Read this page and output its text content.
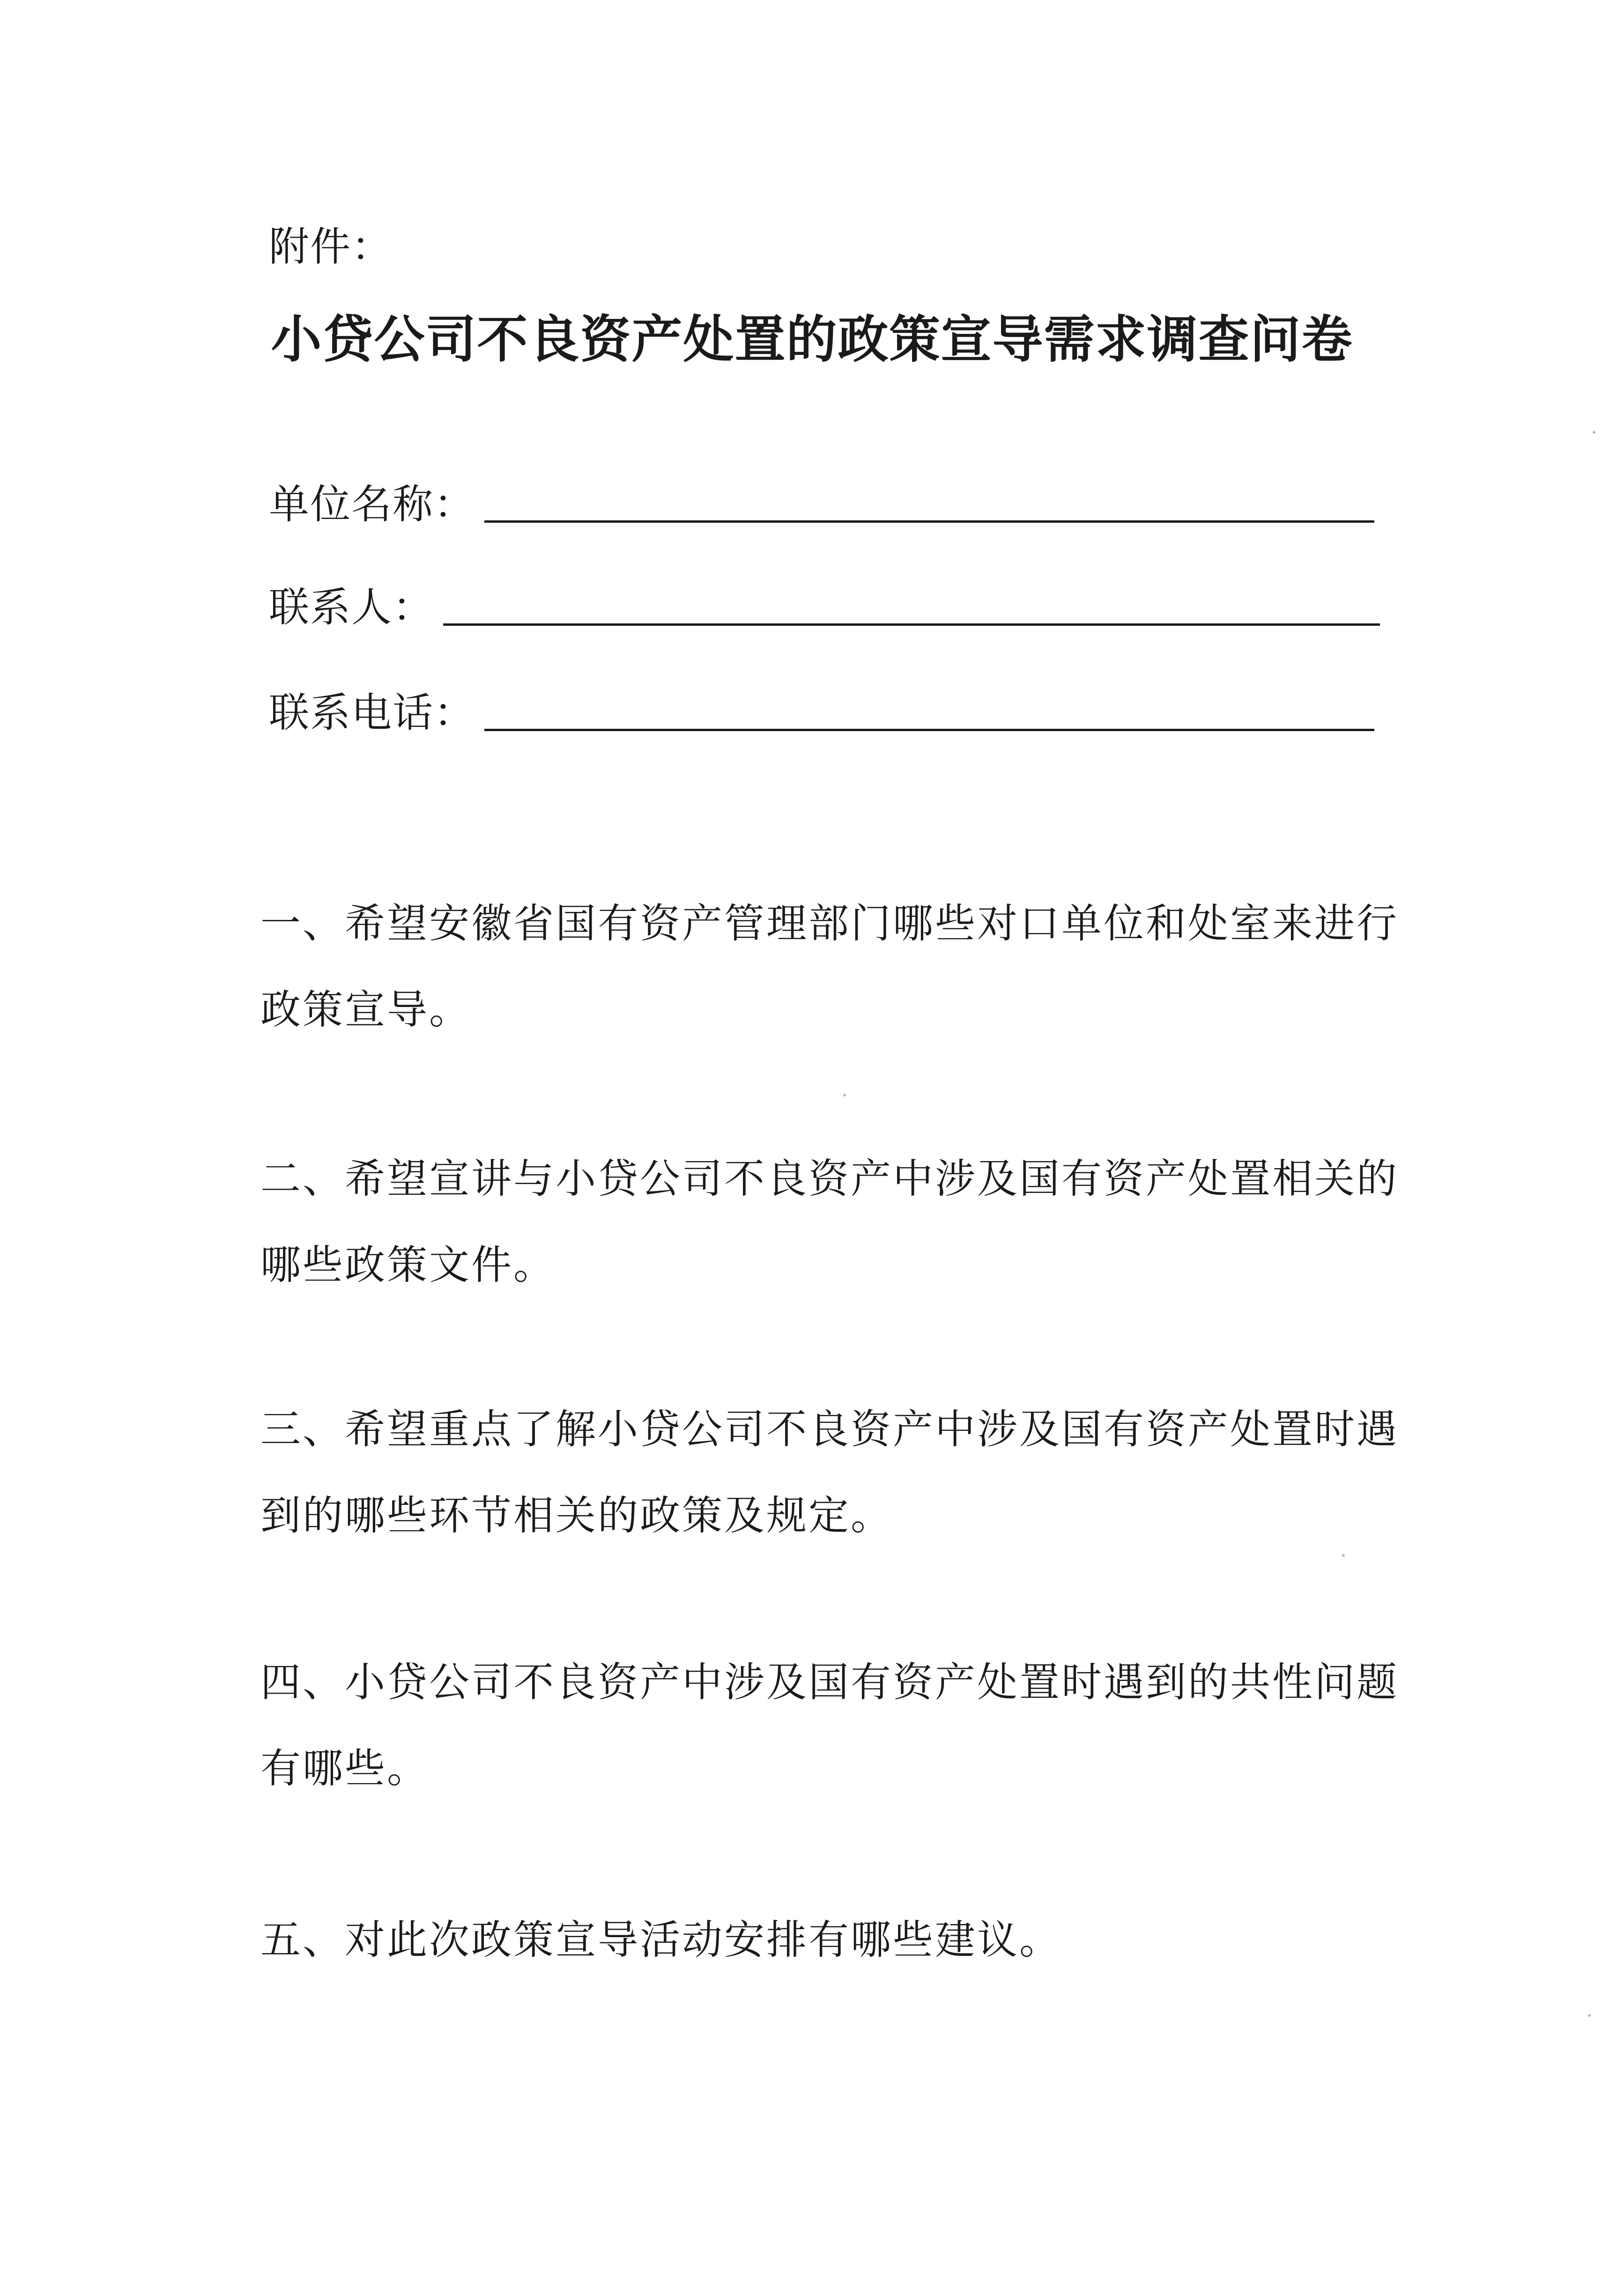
附件：
小贷公司不良资产处置的政策宣导需求调查问卷
单位名称：
联系人：
联系电话：
一、希望安徽省国有资产管理部门哪些对口单位和处室来进行政策宣导。
二、希望宣讲与小贷公司不良资产中涉及国有资产处置相关的哪些政策文件。
三、希望重点了解小贷公司不良资产中涉及国有资产处置时遇到的哪些环节相关的政策及规定。
四、小贷公司不良资产中涉及国有资产处置时遇到的共性问题有哪些。
五、对此次政策宣导活动安排有哪些建议。
